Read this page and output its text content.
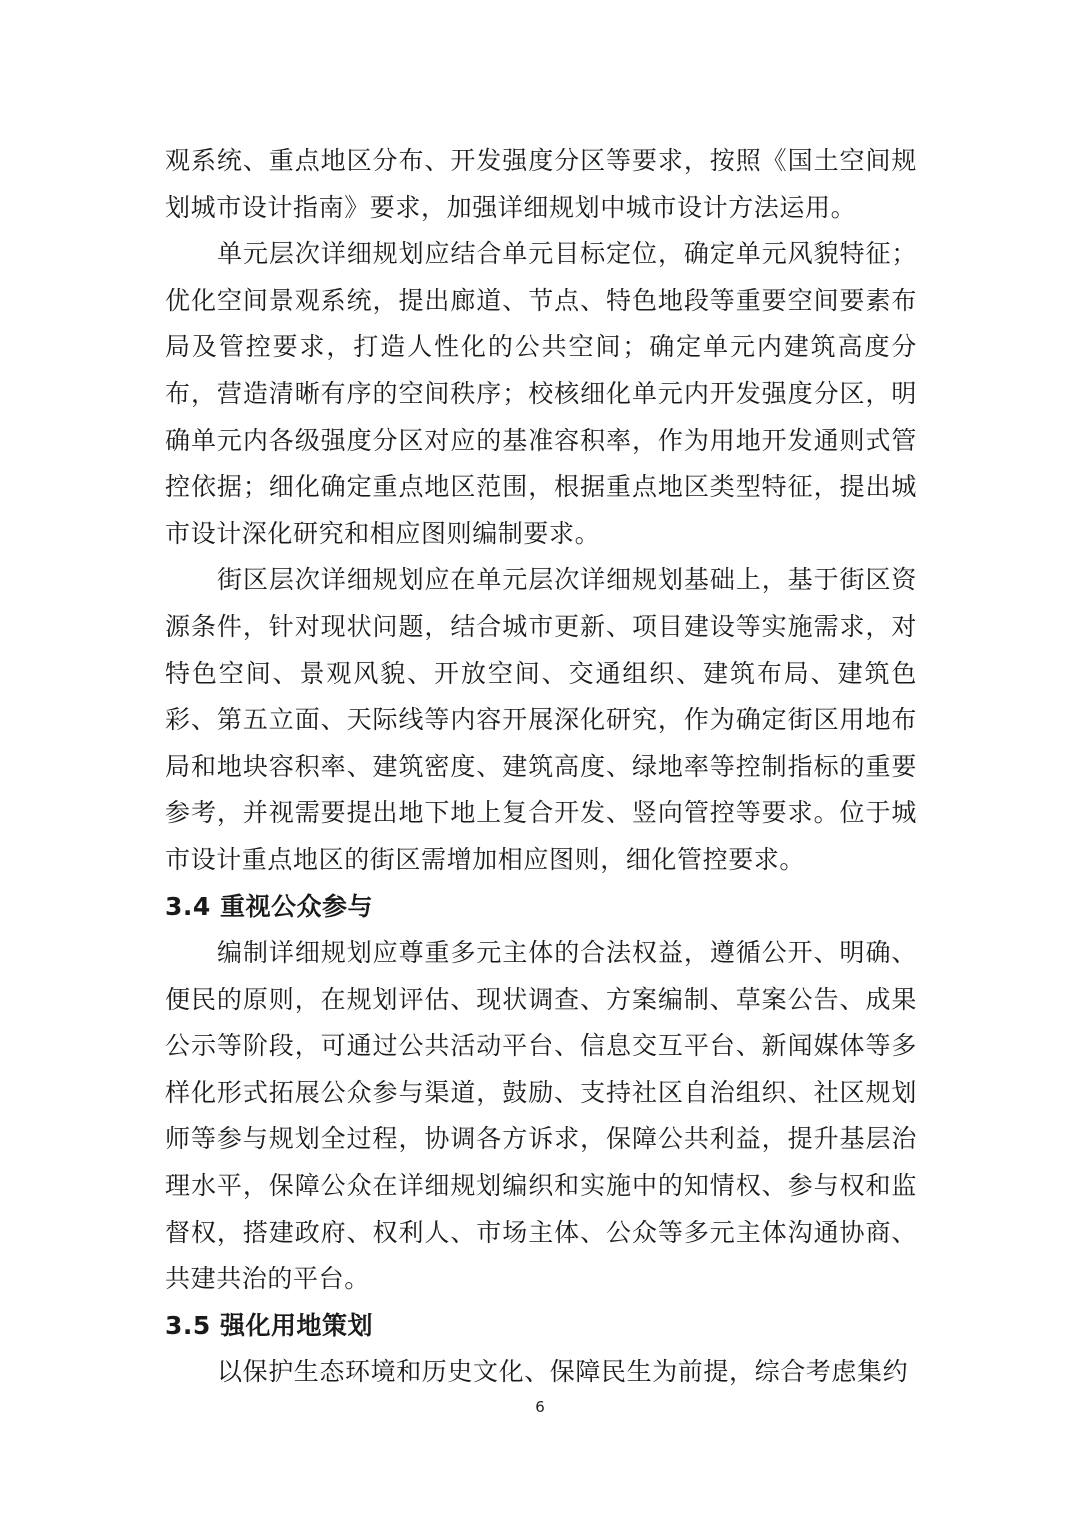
观系统、重点地区分布、开发强度分区等要求，按照《国土空间规划城市设计指南》要求，加强详细规划中城市设计方法运用。

单元层次详细规划应结合单元目标定位，确定单元风貌特征；优化空间景观系统，提出廊道、节点、特色地段等重要空间要素布局及管控要求，打造人性化的公共空间；确定单元内建筑高度分布，营造清晰有序的空间秩序；校核细化单元内开发强度分区，明确单元内各级强度分区对应的基准容积率，作为用地开发通则式管控依据；细化确定重点地区范围，根据重点地区类型特征，提出城市设计深化研究和相应图则编制要求。

街区层次详细规划应在单元层次详细规划基础上，基于街区资源条件，针对现状问题，结合城市更新、项目建设等实施需求，对特色空间、景观风貌、开放空间、交通组织、建筑布局、建筑色彩、第五立面、天际线等内容开展深化研究，作为确定街区用地布局和地块容积率、建筑密度、建筑高度、绿地率等控制指标的重要参考，并视需要提出地下地上复合开发、竖向管控等要求。位于城市设计重点地区的街区需增加相应图则，细化管控要求。

3.4 重视公众参与

编制详细规划应尊重多元主体的合法权益，遵循公开、明确、便民的原则，在规划评估、现状调查、方案编制、草案公告、成果公示等阶段，可通过公共活动平台、信息交互平台、新闻媒体等多样化形式拓展公众参与渠道，鼓励、支持社区自治组织、社区规划师等参与规划全过程，协调各方诉求，保障公共利益，提升基层治理水平，保障公众在详细规划编织和实施中的知情权、参与权和监督权，搭建政府、权利人、市场主体、公众等多元主体沟通协商、共建共治的平台。

3.5 强化用地策划

以保护生态环境和历史文化、保障民生为前提，综合考虑集约

6
